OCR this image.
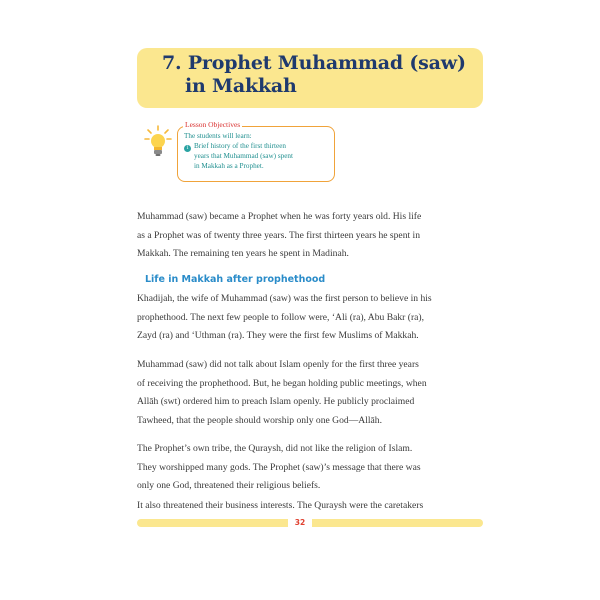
7. Prophet Muhammad (saw)
in Makkah
Lesson Objectives
The students will learn:
1 Brief history of the first thirteen
years that Muhammad (saw) spent
in Makkah as a Prophet.

Muhammad (saw) became a Prophet when he was forty years old. His life
as a Prophet was of twenty three years. The first thirteen years he spent in
Makkah. The remaining ten years he spent in Madinah.

Life in Makkah after prophethood

Khadijah, the wife of Muhammad (saw) was the first person to believe in his
prophethood. The next few people to follow were, ‘Ali (ra), Abu Bakr (ra),
Zayd (ra) and ‘Uthman (ra). They were the first few Muslims of Makkah.

Muhammad (saw) did not talk about Islam openly for the first three years
of receiving the prophethood. But, he began holding public meetings, when
Allāh (swt) ordered him to preach Islam openly. He publicly proclaimed
Tawheed, that the people should worship only one God—Allāh.

The Prophet’s own tribe, the Quraysh, did not like the religion of Islam.
They worshipped many gods. The Prophet (saw)’s message that there was
only one God, threatened their religious beliefs.

It also threatened their business interests. The Quraysh were the caretakers

32
